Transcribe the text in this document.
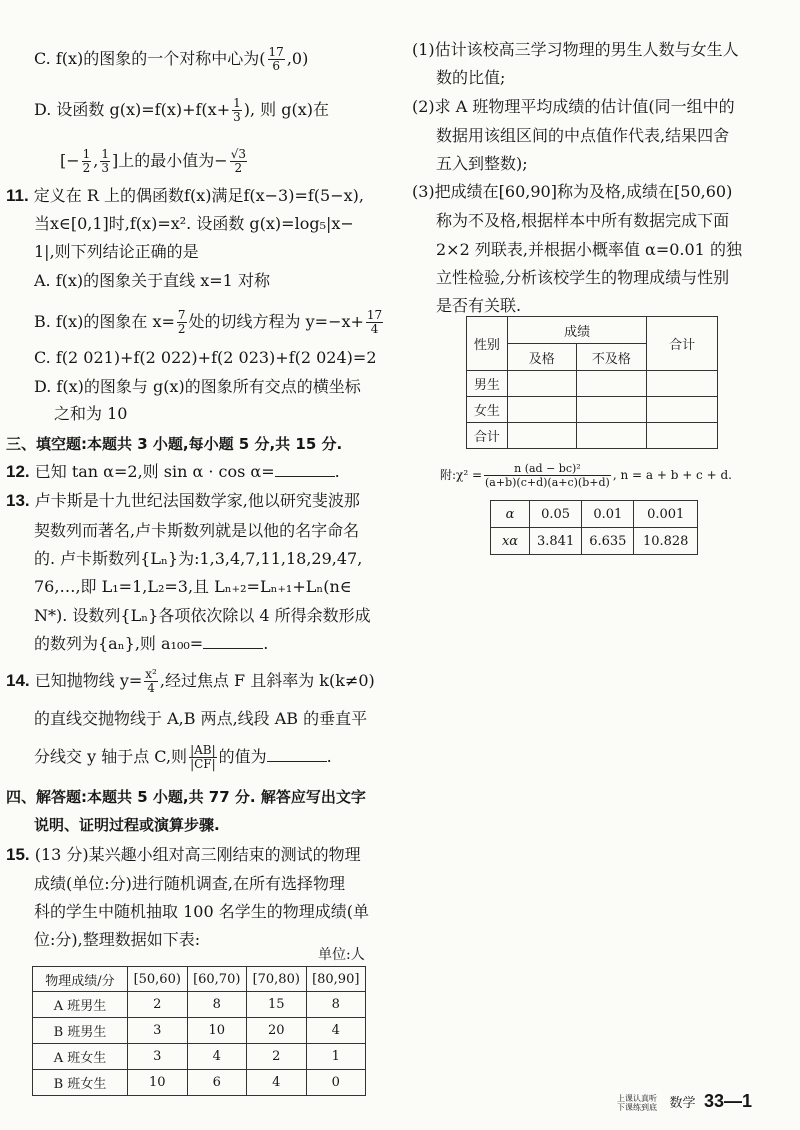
C. f(x)的图象的一个对称中心为( $\frac{17}{6} ,0$)
D. 设函数 $g(x)=f(x)+f(x+ \frac{1}{3}$ ), 则 g(x)在
[− $\frac{1}{2}$ , $\frac{1}{3}$ ]上的最小值为− $\frac{√3}{2}$
11. 定义在 R 上的偶函数f(x)满足f(x−3)=f(5−x),
当x∈[0,1]时,f(x)=x². 设函数 g(x)=log₅|x−
1|,则下列结论正确的是
A. f(x)的图象关于直线 x=1 对称
B. f(x)的图象在 $x= \frac{7}{2}$ 处的切线方程为 $y=-x+ \frac{17}{4}$
C. f(2 021)+f(2 022)+f(2 023)+f(2 024)=2
D. f(x)的图象与 g(x)的图象所有交点的横坐标
之和为 10
三、填空题:本题共 3 小题,每小题 5 分,共 15 分.
12. 已知 tan α=2,则 sin α · cos α=	.
13. 卢卡斯是十九世纪法国数学家,他以研究斐波那
契数列而著名,卢卡斯数列就是以他的名字命名
的. 卢卡斯数列{Lₙ}为:1,3,4,7,11,18,29,47,
76,…,即 L₁=1,L₂=3,且 Lₙ₊₂=Lₙ₊₁+Lₙ(n∈
N*). 设数列{Lₙ}各项依次除以 4 所得余数形成
的数列为{aₙ},则 a₁₀₀=	.
14. 已知抛物线 $y= \frac{\text{x²}}{4}$ ,经过焦点 F 且斜率为 k(k≠0)
的直线交抛物线于 A,B 两点,线段 AB 的垂直平
分线交 y 轴于点 C,则 $\frac{|AB|}{|CF|}$ 的值为	.
四、解答题:本题共 5 小题,共 77 分. 解答应写出文字
说明、证明过程或演算步骤.
15. (13 分)某兴趣小组对高三刚结束的测试的物理
成绩(单位:分)进行随机调查,在所有选择物理
科的学生中随机抽取 100 名学生的物理成绩(单
位:分),整理数据如下表:
单位:人
物理成绩/分	[50,60)	[60,70)	[70,80)	[80,90]
A 班男生	2	8	15	8
B 班男生	3	10	20	4
A 班女生	3	4	2	1
B 班女生	10	6	4	0
(1)估计该校高三学习物理的男生人数与女生人
数的比值;
(2)求 A 班物理平均成绩的估计值(同一组中的
数据用该组区间的中点值作代表,结果四舍
五入到整数);
(3)把成绩在[60,90]称为及格,成绩在[50,60)
称为不及格,根据样本中所有数据完成下面
2×2 列联表,并根据小概率值 α=0.01 的独
立性检验,分析该校学生的物理成绩与性别
是否有关联.
性别	成绩		合计
	及格	不及格	
男生			
女生			
合计			
附:χ² = $\frac{\text{n (ad − bc)²}}{(a+b)(c+d)(a+c)(b+d)}$ , n = a + b + c + d.
α	0.05	0.01	0.001
xα	3.841	6.635	10.828
上课认真听 下课练到底 数学 33—1
